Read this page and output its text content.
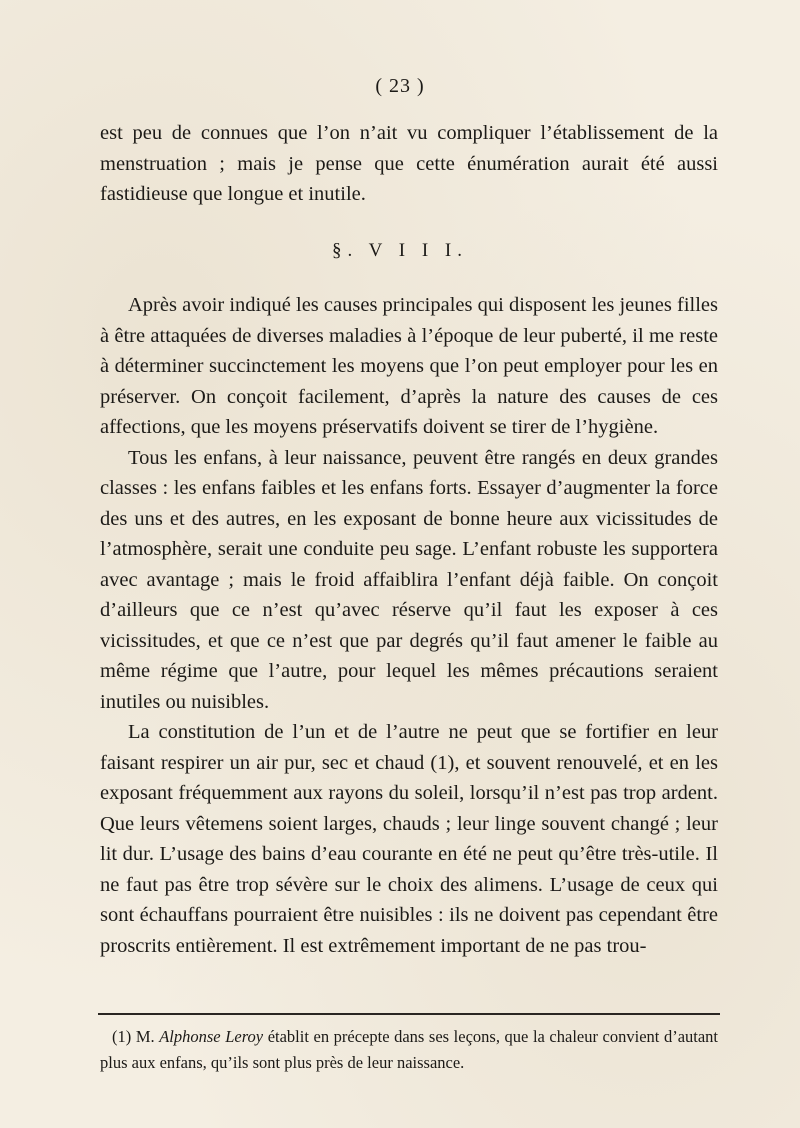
( 23 )

est peu de connues que l’on n’ait vu compliquer l’établissement de la menstruation ; mais je pense que cette énumération aurait été aussi fastidieuse que longue et inutile.

§. V I I I.

Après avoir indiqué les causes principales qui disposent les jeunes filles à être attaquées de diverses maladies à l’époque de leur puberté, il me reste à déterminer succinctement les moyens que l’on peut employer pour les en préserver. On conçoit facilement, d’après la nature des causes de ces affections, que les moyens préservatifs doivent se tirer de l’hygiène.

Tous les enfans, à leur naissance, peuvent être rangés en deux grandes classes : les enfans faibles et les enfans forts. Essayer d’augmenter la force des uns et des autres, en les exposant de bonne heure aux vicissitudes de l’atmosphère, serait une conduite peu sage. L’enfant robuste les supportera avec avantage ; mais le froid affaiblira l’enfant déjà faible. On conçoit d’ailleurs que ce n’est qu’avec réserve qu’il faut les exposer à ces vicissitudes, et que ce n’est que par degrés qu’il faut amener le faible au même régime que l’autre, pour lequel les mêmes précautions seraient inutiles ou nuisibles.

La constitution de l’un et de l’autre ne peut que se fortifier en leur faisant respirer un air pur, sec et chaud (1), et souvent renouvelé, et en les exposant fréquemment aux rayons du soleil, lorsqu’il n’est pas trop ardent. Que leurs vêtemens soient larges, chauds ; leur linge souvent changé ; leur lit dur. L’usage des bains d’eau courante en été ne peut qu’être très-utile. Il ne faut pas être trop sévère sur le choix des alimens. L’usage de ceux qui sont échauffans pourraient être nuisibles : ils ne doivent pas cependant être proscrits entièrement. Il est extrêmement important de ne pas trou-

(1) M. Alphonse Leroy établit en précepte dans ses leçons, que la chaleur convient d’autant plus aux enfans, qu’ils sont plus près de leur naissance.
